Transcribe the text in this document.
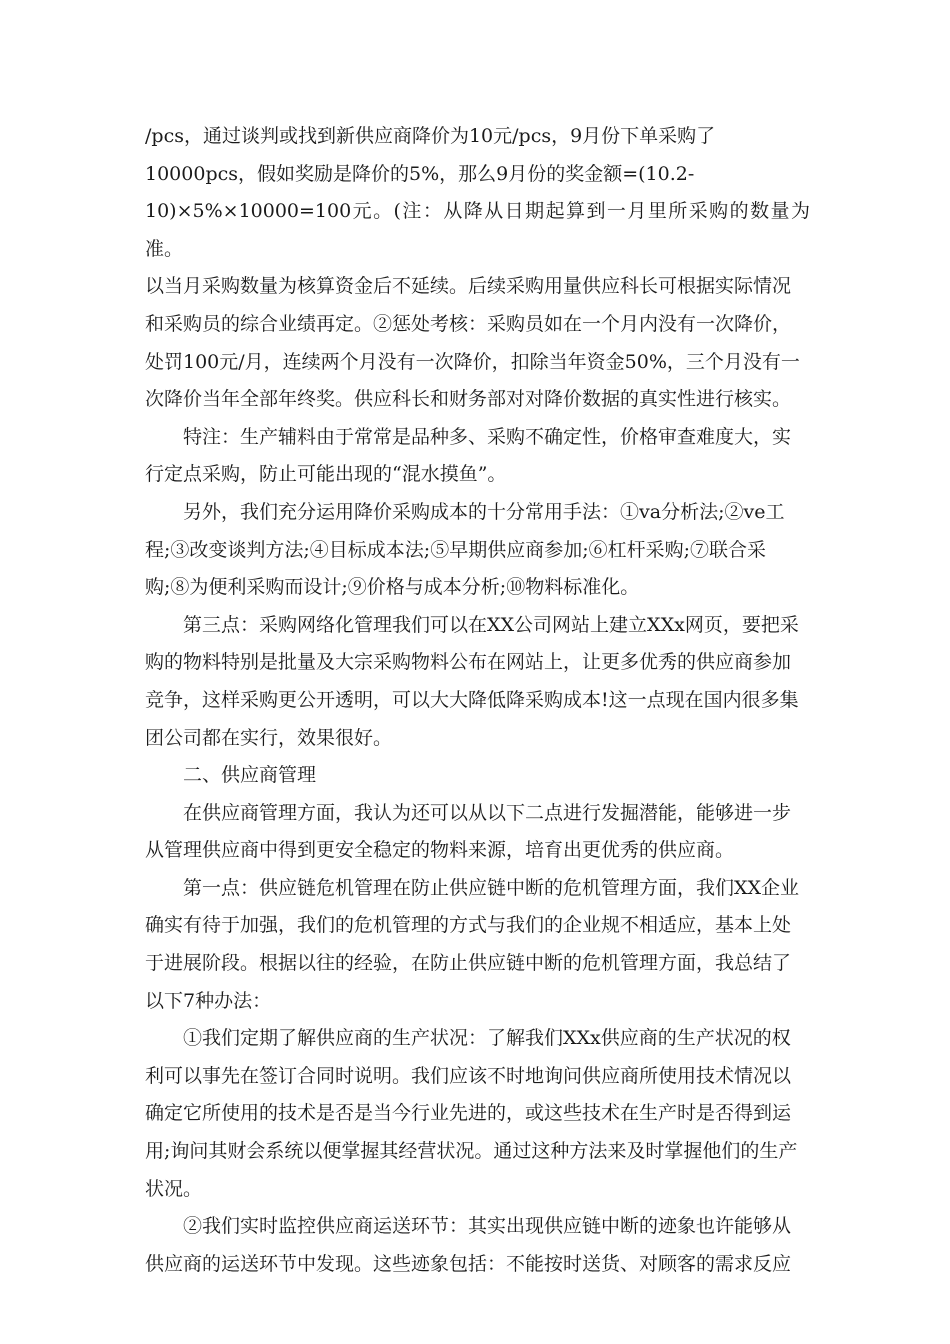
/pcs，通过谈判或找到新供应商降价为10元/pcs，9月份下单采购了
10000pcs，假如奖励是降价的5%，那么9月份的奖金额=(10.2-
10)×5%×10000=100元。(注：从降从日期起算到一月里所采购的数量为准。
以当月采购数量为核算资金后不延续。后续采购用量供应科长可根据实际情况
和采购员的综合业绩再定。②惩处考核：采购员如在一个月内没有一次降价，
处罚100元/月，连续两个月没有一次降价，扣除当年资金50%，三个月没有一
次降价当年全部年终奖。供应科长和财务部对对降价数据的真实性进行核实。

特注：生产辅料由于常常是品种多、采购不确定性，价格审查难度大，实
行定点采购，防止可能出现的“混水摸鱼”。

另外，我们充分运用降价采购成本的十分常用手法：①va分析法;②ve工
程;③改变谈判方法;④目标成本法;⑤早期供应商参加;⑥杠杆采购;⑦联合采
购;⑧为便利采购而设计;⑨价格与成本分析;⑩物料标准化。

第三点：采购网络化管理我们可以在XX公司网站上建立XXx网页，要把采
购的物料特别是批量及大宗采购物料公布在网站上，让更多优秀的供应商参加
竞争，这样采购更公开透明，可以大大降低降采购成本!这一点现在国内很多集
团公司都在实行，效果很好。

二、供应商管理

在供应商管理方面，我认为还可以从以下二点进行发掘潜能，能够进一步
从管理供应商中得到更安全稳定的物料来源，培育出更优秀的供应商。

第一点：供应链危机管理在防止供应链中断的危机管理方面，我们XX企业
确实有待于加强，我们的危机管理的方式与我们的企业规不相适应，基本上处
于进展阶段。根据以往的经验，在防止供应链中断的危机管理方面，我总结了
以下7种办法：

①我们定期了解供应商的生产状况：了解我们XXx供应商的生产状况的权
利可以事先在签订合同时说明。我们应该不时地询问供应商所使用技术情况以
确定它所使用的技术是否是当今行业先进的，或这些技术在生产时是否得到运
用;询问其财会系统以便掌握其经营状况。通过这种方法来及时掌握他们的生产
状况。

②我们实时监控供应商运送环节：其实出现供应链中断的迹象也许能够从
供应商的运送环节中发现。这些迹象包括：不能按时送货、对顾客的需求反应
